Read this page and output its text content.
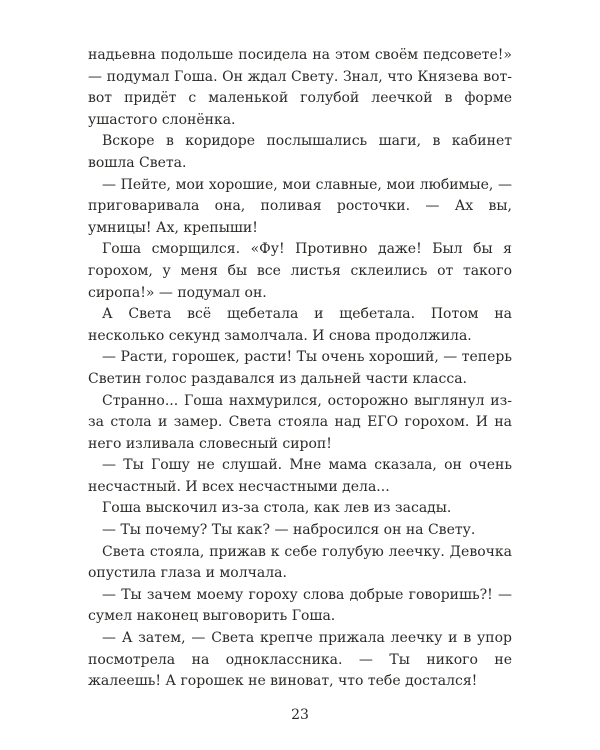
надьевна подольше посидела на этом своём педсовете!» — подумал Гоша. Он ждал Свету. Знал, что Князева вот-вот придёт с маленькой голубой леечкой в форме ушастого слонёнка.

Вскоре в коридоре послышались шаги, в кабинет вошла Света.

— Пейте, мои хорошие, мои славные, мои любимые, — приговаривала она, поливая росточки. — Ах вы, умницы! Ах, крепыши!

Гоша сморщился. «Фу! Противно даже! Был бы я горохом, у меня бы все листья склеились от такого сиропа!» — подумал он.

А Света всё щебетала и щебетала. Потом на несколько секунд замолчала. И снова продолжила.

— Расти, горошек, расти! Ты очень хороший, — теперь Светин голос раздавался из дальней части класса.

Странно... Гоша нахмурился, осторожно выглянул из-за стола и замер. Света стояла над ЕГО горохом. И на него изливала словесный сироп!

— Ты Гошу не слушай. Мне мама сказала, он очень несчастный. И всех несчастными дела...

Гоша выскочил из-за стола, как лев из засады.

— Ты почему? Ты как? — набросился он на Свету.

Света стояла, прижав к себе голубую леечку. Девочка опустила глаза и молчала.

— Ты зачем моему гороху слова добрые говоришь?! — сумел наконец выговорить Гоша.

— А затем, — Света крепче прижала леечку и в упор посмотрела на одноклассника. — Ты никого не жалеешь! А горошек не виноват, что тебе достался!

23
